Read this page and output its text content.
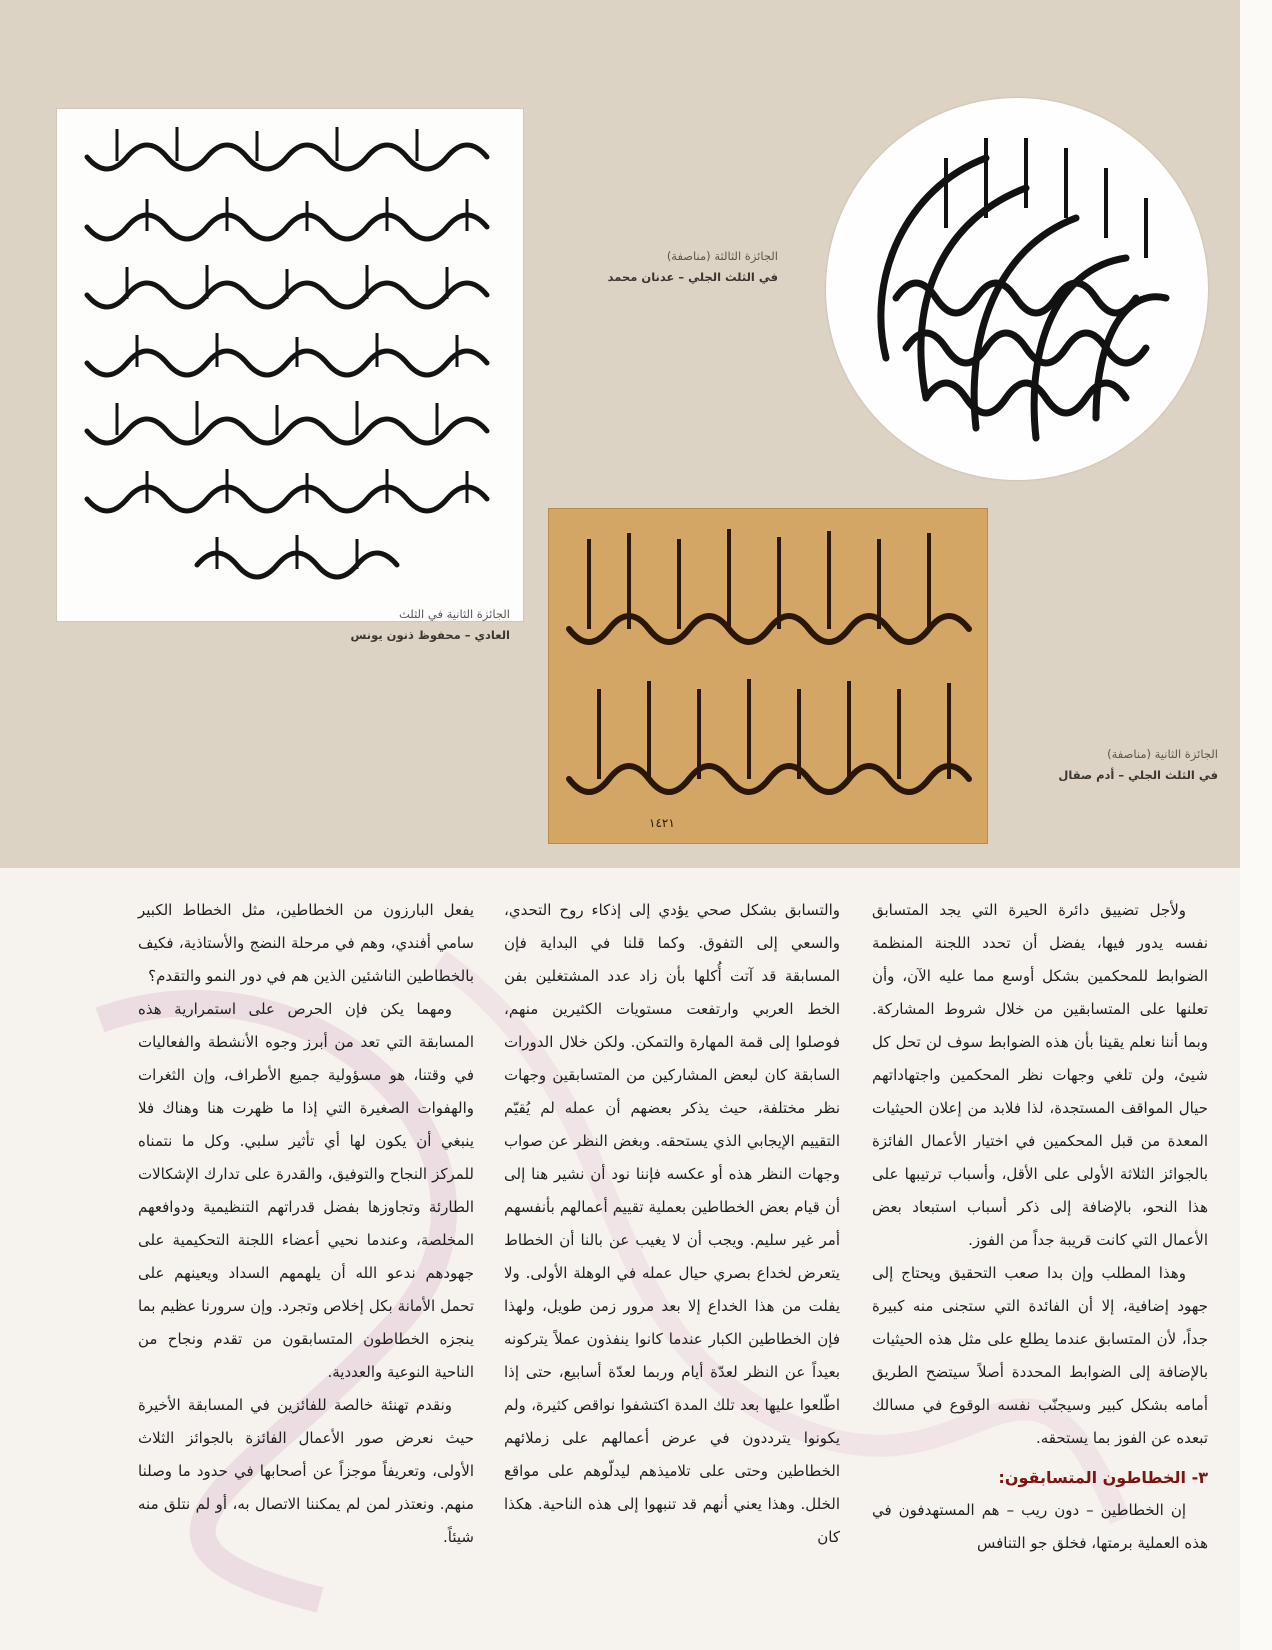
١٤٢١
الجائزة الثالثة (مناصفة)
في الثلث الجلي – عدنان محمد
الجائزة الثانية في الثلث
العادي – محفوظ ذنون يونس
الجائزة الثانية (مناصفة)
في الثلث الجلي – أدم صقال

ولأجل تضييق دائرة الحيرة التي يجد المتسابق نفسه يدور فيها، يفضل أن تحدد اللجنة المنظمة الضوابط للمحكمين بشكل أوسع مما عليه الآن، وأن تعلنها على المتسابقين من خلال شروط المشاركة. وبما أننا نعلم يقينا بأن هذه الضوابط سوف لن تحل كل شيئ، ولن تلغي وجهات نظر المحكمين واجتهاداتهم حيال المواقف المستجدة، لذا فلابد من إعلان الحيثيات المعدة من قبل المحكمين في اختيار الأعمال الفائزة بالجوائز الثلاثة الأولى على الأقل، وأسباب ترتيبها على هذا النحو، بالإضافة إلى ذكر أسباب استبعاد بعض الأعمال التي كانت قريبة جداً من الفوز.

وهذا المطلب وإن بدا صعب التحقيق ويحتاج إلى جهود إضافية، إلا أن الفائدة التي ستجنى منه كبيرة جداً، لأن المتسابق عندما يطلع على مثل هذه الحيثيات بالإضافة إلى الضوابط المحددة أصلاً سيتضح الطريق أمامه بشكل كبير وسيجنّب نفسه الوقوع في مسالك تبعده عن الفوز بما يستحقه.

٣- الخطاطون المتسابقون:

إن الخطاطين – دون ريب – هم المستهدفون في هذه العملية برمتها، فخلق جو التنافس

والتسابق بشكل صحي يؤدي إلى إذكاء روح التحدي، والسعي إلى التفوق. وكما قلنا في البداية فإن المسابقة قد آتت أُكلها بأن زاد عدد المشتغلين بفن الخط العربي وارتفعت مستويات الكثيرين منهم، فوصلوا إلى قمة المهارة والتمكن. ولكن خلال الدورات السابقة كان لبعض المشاركين من المتسابقين وجهات نظر مختلفة، حيث يذكر بعضهم أن عمله لم يُقيّم التقييم الإيجابي الذي يستحقه. وبغض النظر عن صواب وجهات النظر هذه أو عكسه فإننا نود أن نشير هنا إلى أن قيام بعض الخطاطين بعملية تقييم أعمالهم بأنفسهم أمر غير سليم. ويجب أن لا يغيب عن بالنا أن الخطاط يتعرض لخداع بصري حيال عمله في الوهلة الأولى. ولا يفلت من هذا الخداع إلا بعد مرور زمن طويل، ولهذا فإن الخطاطين الكبار عندما كانوا ينفذون عملاً يتركونه بعيداً عن النظر لعدّة أيام وربما لعدّة أسابيع، حتى إذا اطّلعوا عليها بعد تلك المدة اكتشفوا نواقص كثيرة، ولم يكونوا يترددون في عرض أعمالهم على زملائهم الخطاطين وحتى على تلاميذهم ليدلّوهم على مواقع الخلل. وهذا يعني أنهم قد تنبهوا إلى هذه الناحية. هكذا كان

يفعل البارزون من الخطاطين، مثل الخطاط الكبير سامي أفندي، وهم في مرحلة النضج والأستاذية، فكيف بالخطاطين الناشئين الذين هم في دور النمو والتقدم؟

ومهما يكن فإن الحرص على استمرارية هذه المسابقة التي تعد من أبرز وجوه الأنشطة والفعاليات في وقتنا، هو مسؤولية جميع الأطراف، وإن الثغرات والهفوات الصغيرة التي إذا ما ظهرت هنا وهناك فلا ينبغي أن يكون لها أي تأثير سلبي. وكل ما نتمناه للمركز النجاح والتوفيق، والقدرة على تدارك الإشكالات الطارئة وتجاوزها بفضل قدراتهم التنظيمية ودوافعهم المخلصة، وعندما نحيي أعضاء اللجنة التحكيمية على جهودهم ندعو الله أن يلهمهم السداد ويعينهم على تحمل الأمانة بكل إخلاص وتجرد. وإن سرورنا عظيم بما ينجزه الخطاطون المتسابقون من تقدم ونجاح من الناحية النوعية والعددية.

ونقدم تهنئة خالصة للفائزين في المسابقة الأخيرة حيث نعرض صور الأعمال الفائزة بالجوائز الثلاث الأولى، وتعريفاً موجزاً عن أصحابها في حدود ما وصلنا منهم. ونعتذر لمن لم يمكننا الاتصال به، أو لم نتلق منه شيئاً.
